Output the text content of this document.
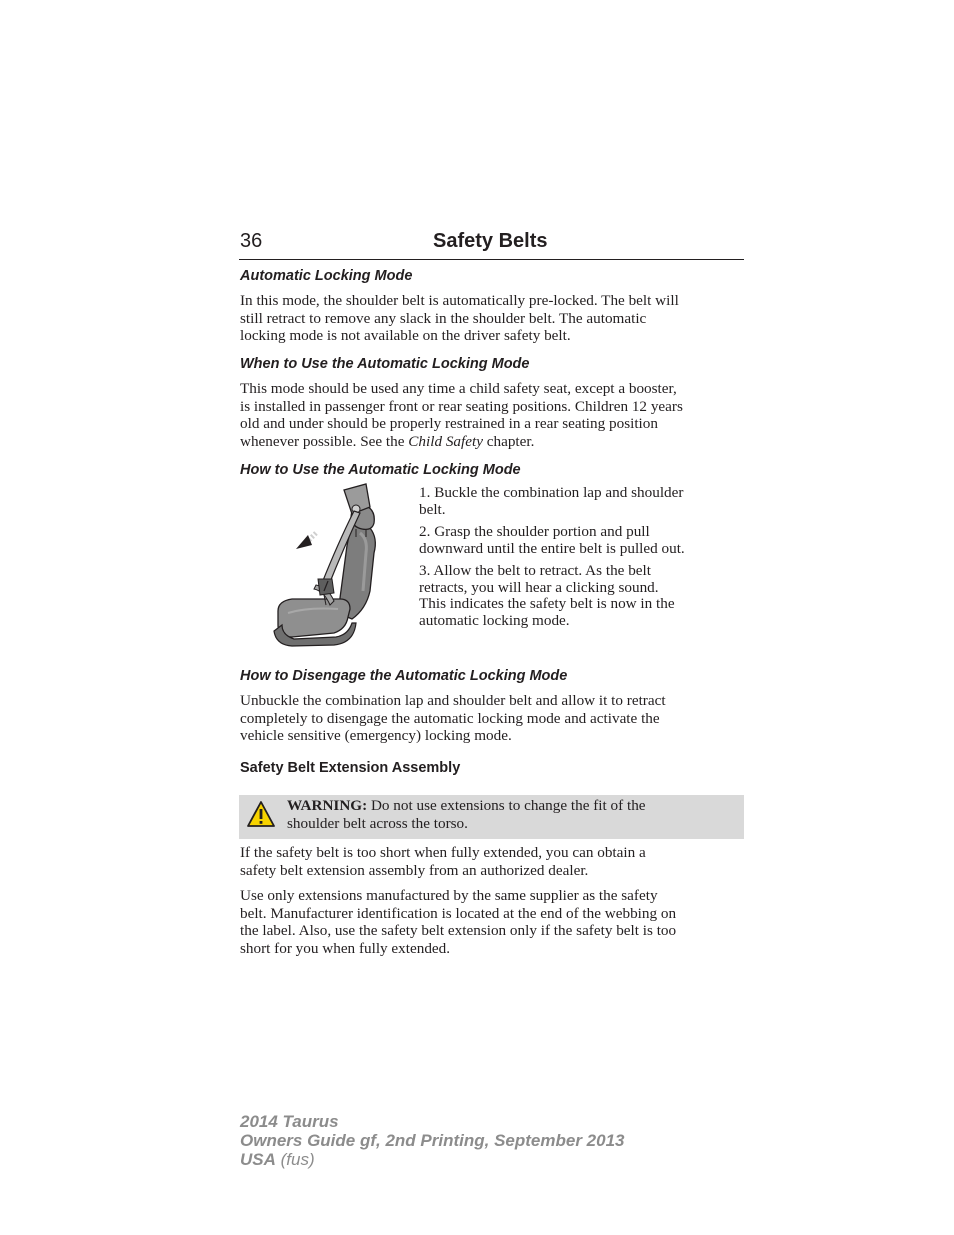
36	Safety Belts
Automatic Locking Mode

In this mode, the shoulder belt is automatically pre-locked. The belt will

still retract to remove any slack in the shoulder belt. The automatic

locking mode is not available on the driver safety belt.

When to Use the Automatic Locking Mode

This mode should be used any time a child safety seat, except a booster,

is installed in passenger front or rear seating positions. Children 12 years

old and under should be properly restrained in a rear seating position

whenever possible. See the Child Safety chapter.

How to Use the Automatic Locking Mode
1. Buckle the combination lap and shoulder
belt.
2. Grasp the shoulder portion and pull
downward until the entire belt is pulled out.
3. Allow the belt to retract. As the belt
retracts, you will hear a clicking sound.
This indicates the safety belt is now in the
automatic locking mode.
How to Disengage the Automatic Locking Mode

Unbuckle the combination lap and shoulder belt and allow it to retract

completely to disengage the automatic locking mode and activate the

vehicle sensitive (emergency) locking mode.

Safety Belt Extension Assembly
WARNING: Do not use extensions to change the fit of the
shoulder belt across the torso.

If the safety belt is too short when fully extended, you can obtain a

safety belt extension assembly from an authorized dealer.

Use only extensions manufactured by the same supplier as the safety

belt. Manufacturer identification is located at the end of the webbing on

the label. Also, use the safety belt extension only if the safety belt is too

short for you when fully extended.

2014 Taurus
Owners Guide gf, 2nd Printing, September 2013
USA (fus)
